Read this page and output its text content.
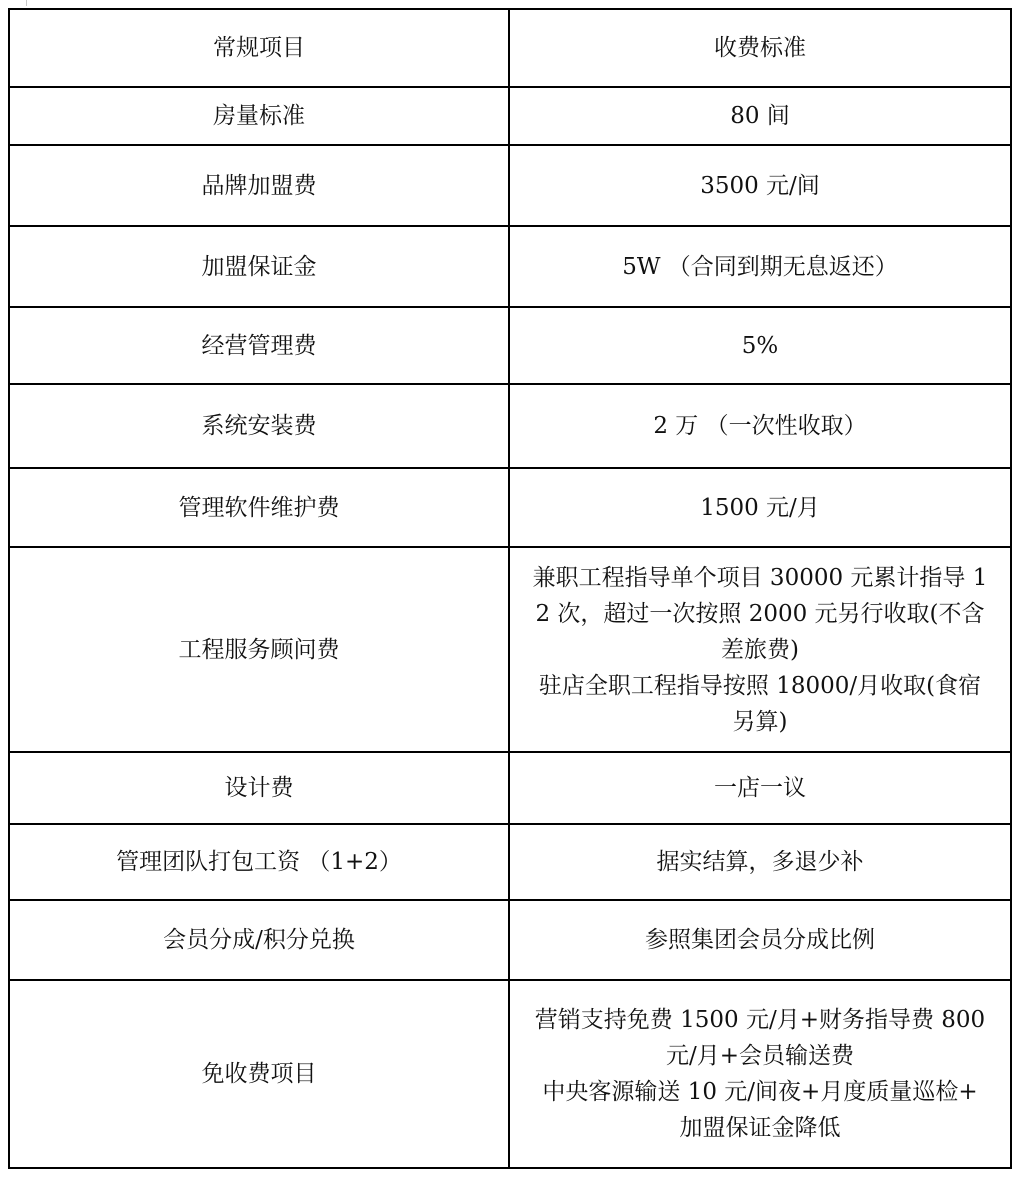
常规项目	收费标准
房量标准	80 间

品牌加盟费	3500 元/间

加盟保证金	5W （合同到期无息返还）

经营管理费	5%

系统安装费	2 万 （一次性收取）

管理软件维护费	1500 元/月

工程服务顾问费	兼职工程指导单个项目 30000 元累计指导 1
2 次，超过一次按照 2000 元另行收取(不含
差旅费)
驻店全职工程指导按照 18000/月收取(食宿
另算)

设计费	一店一议

管理团队打包工资 （1+2）	据实结算，多退少补

会员分成/积分兑换	参照集团会员分成比例

免收费项目	营销支持免费 1500 元/月+财务指导费 800
元/月+会员输送费
中央客源输送 10 元/间夜+月度质量巡检+
加盟保证金降低
